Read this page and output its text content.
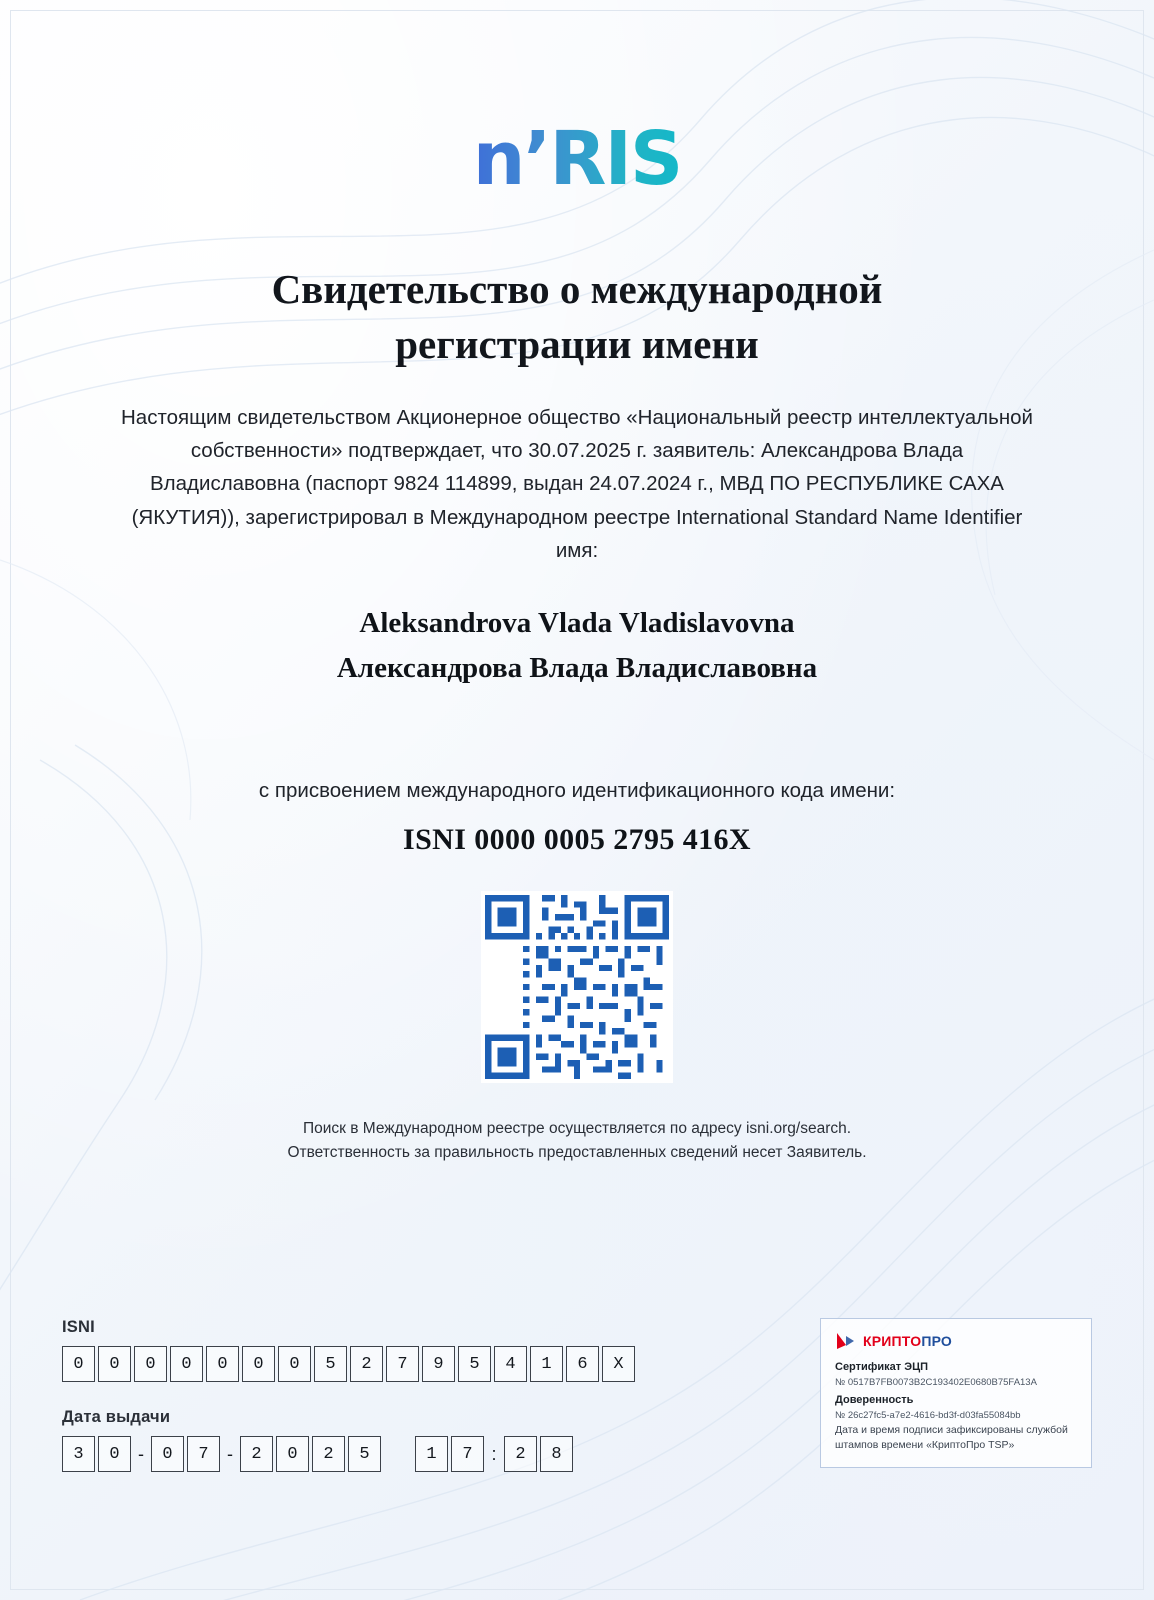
n’RIS
Свидетельство о международной регистрации имени

Настоящим свидетельством Акционерное общество «Национальный реестр интеллектуальной собственности» подтверждает, что 30.07.2025 г. заявитель: Александрова Влада Владиславовна (паспорт 9824 114899, выдан 24.07.2024 г., МВД ПО РЕСПУБЛИКЕ САХА (ЯКУТИЯ)), зарегистрировал в Международном реестре International Standard Name Identifier имя:

Aleksandrova Vlada Vladislavovna
Александрова Влада Владиславовна

с присвоением международного идентификационного кода имени:

ISNI 0000 0005 2795 416X

Поиск в Международном реестре осуществляется по адресу isni.org/search. Ответственность за правильность предоставленных сведений несет Заявитель.

ISNI
0	0	0	0	0	0	0	5	2	7	9	5	4	1	6	X
Дата выдачи
3	0	-	0	7	-	2	0	2	5	1	7	:	2	8
КРИПТОПРО
Сертификат ЭЦП
№ 0517B7FB0073B2C193402E0680B75FA13A
Доверенность
№ 26c27fc5-a7e2-4616-bd3f-d03fa55084bb
Дата и время подписи зафиксированы службой
штампов времени «КриптоПро TSP»
